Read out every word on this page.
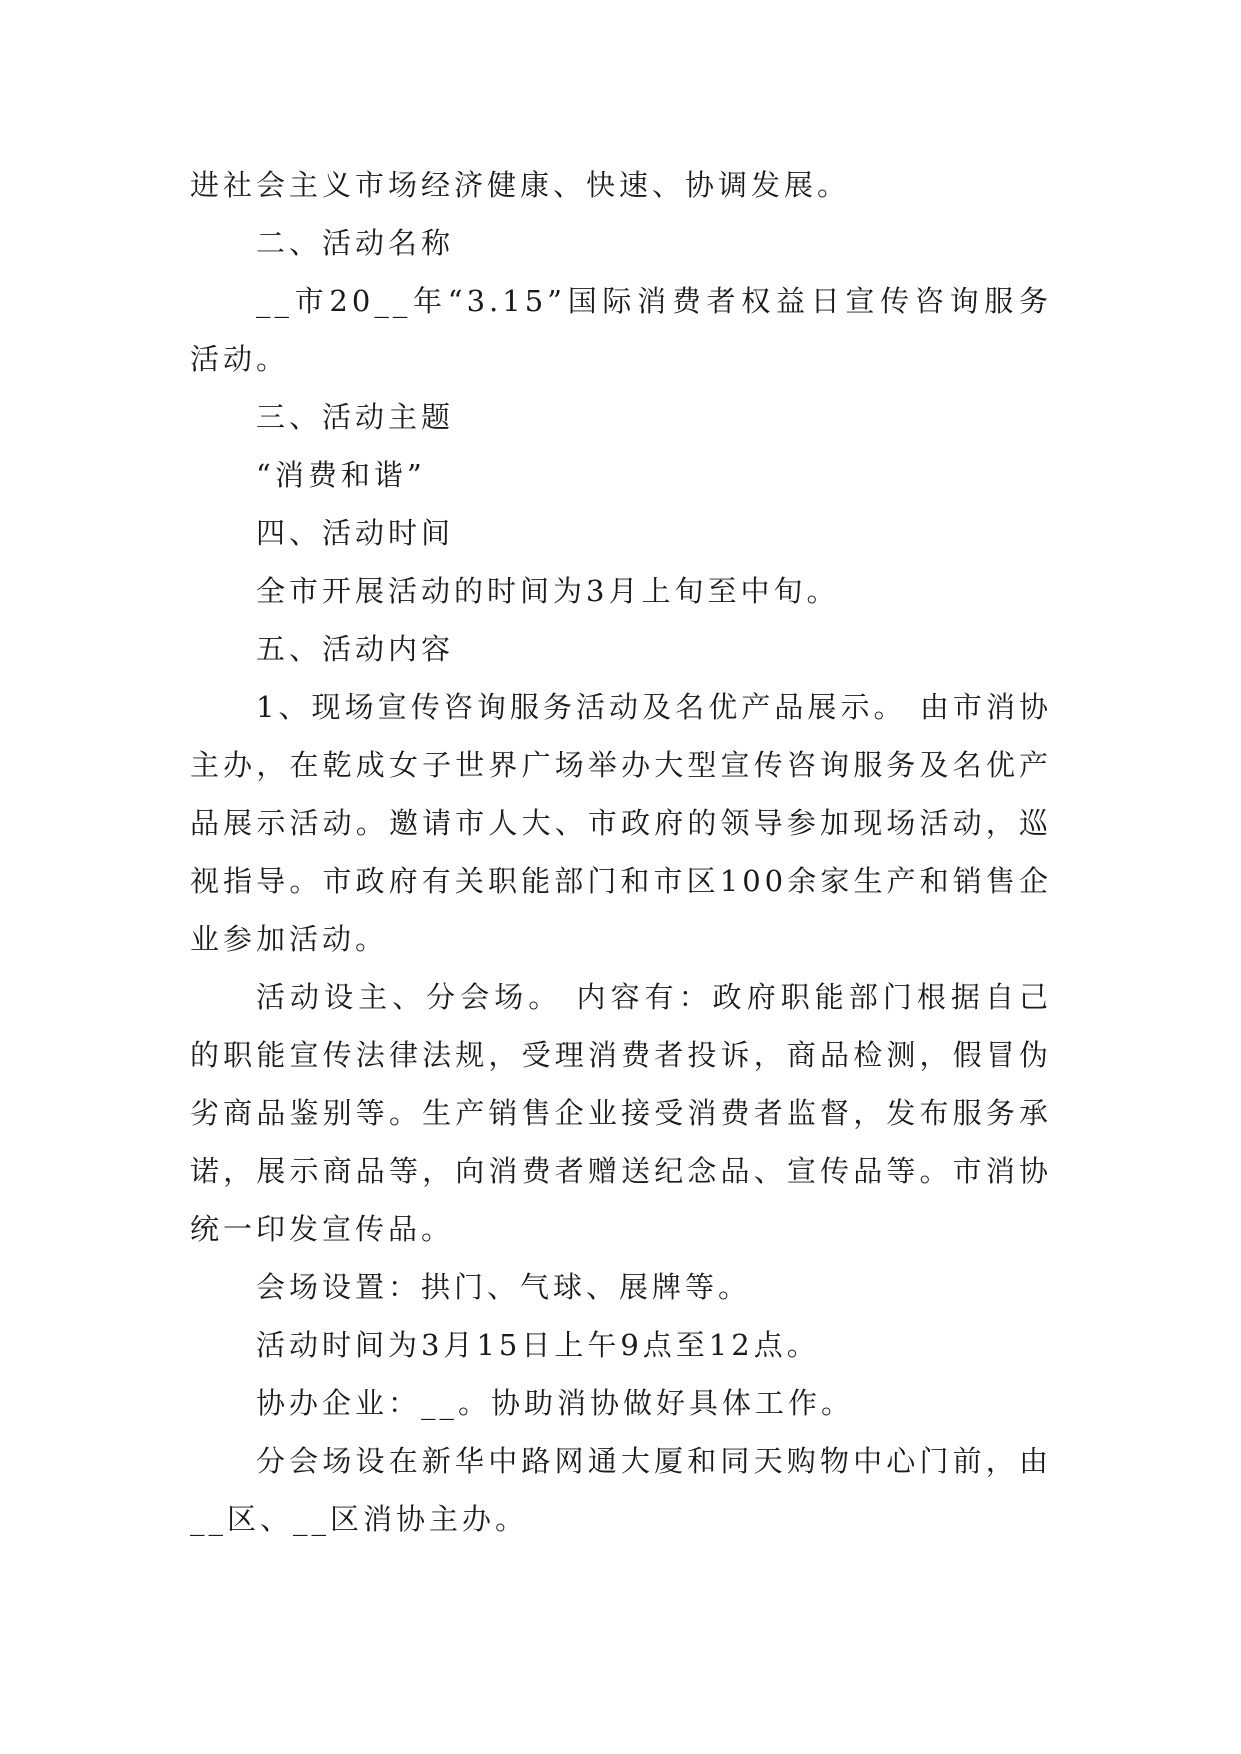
进社会主义市场经济健康、快速、协调发展。

二、活动名称

__市20__年“3.15”国际消费者权益日宣传咨询服务活动。

三、活动主题

“消费和谐”

四、活动时间

全市开展活动的时间为3月上旬至中旬。

五、活动内容

1、现场宣传咨询服务活动及名优产品展示。 由市消协主办，在乾成女子世界广场举办大型宣传咨询服务及名优产品展示活动。邀请市人大、市政府的领导参加现场活动，巡视指导。市政府有关职能部门和市区100余家生产和销售企业参加活动。

活动设主、分会场。 内容有：政府职能部门根据自己的职能宣传法律法规，受理消费者投诉，商品检测，假冒伪劣商品鉴别等。生产销售企业接受消费者监督，发布服务承诺，展示商品等，向消费者赠送纪念品、宣传品等。市消协统一印发宣传品。

会场设置：拱门、气球、展牌等。

活动时间为3月15日上午9点至12点。

协办企业：__。协助消协做好具体工作。

分会场设在新华中路网通大厦和同天购物中心门前，由__区、__区消协主办。
